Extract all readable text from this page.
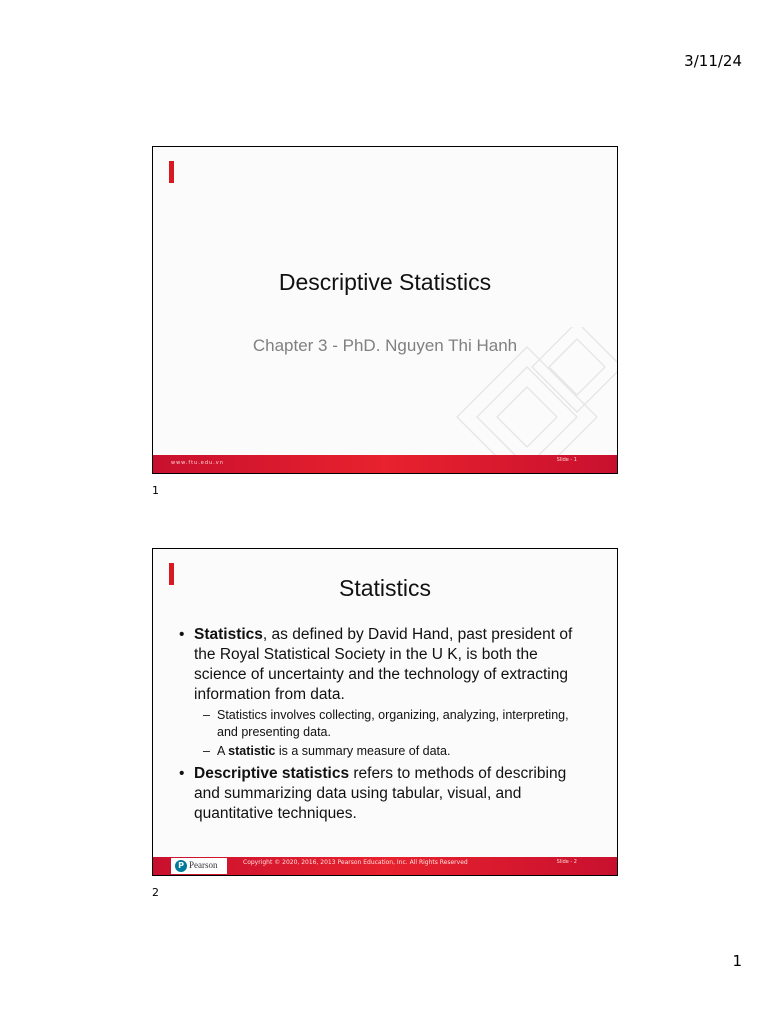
3/11/24
Descriptive Statistics
Chapter 3 - PhD. Nguyen Thi Hanh
www.ftu.edu.vn	Slide - 1
1
Statistics
• Statistics, as defined by David Hand, past president of the Royal Statistical Society in the U K, is both the science of uncertainty and the technology of extracting information from data.
– Statistics involves collecting, organizing, analyzing, interpreting, and presenting data.
– A statistic is a summary measure of data.
• Descriptive statistics refers to methods of describing and summarizing data using tabular, visual, and quantitative techniques.
P Pearson	Copyright © 2020, 2016, 2013 Pearson Education, Inc. All Rights Reserved	Slide - 2
2
1
